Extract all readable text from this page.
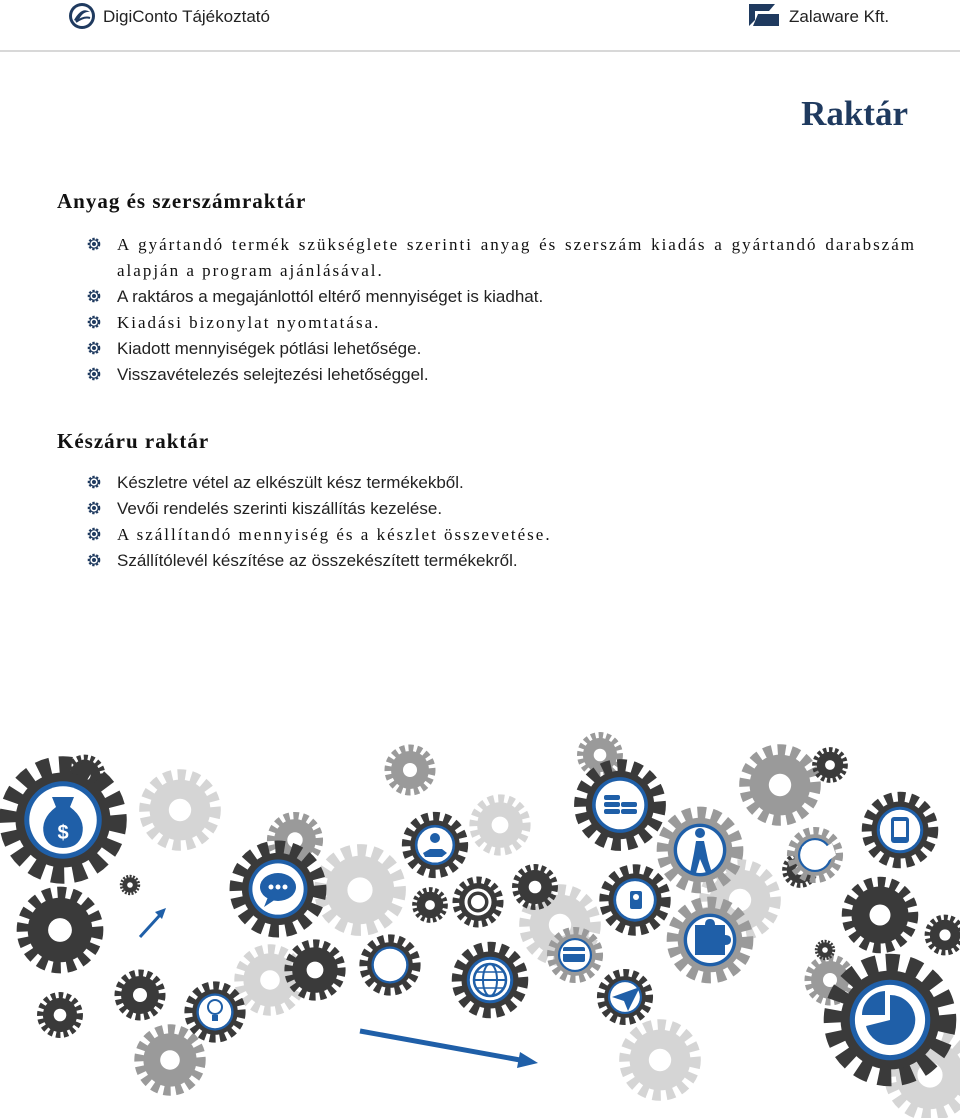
DigiConto Tájékoztató	Zalaware Kft.
Raktár
Anyag és szerszámraktár
A gyártandó termék szükséglete szerinti anyag és szerszám kiadás a gyártandó darabszám alapján a program ajánlásával.
A raktáros a megajánlottól eltérő mennyiséget is kiadhat.
Kiadási bizonylat nyomtatása.
Kiadott mennyiségek pótlási lehetősége.
Visszavételezés selejtezési lehetőséggel.
Készáru raktár
Készletre vétel az elkészült kész termékekből.
Vevői rendelés szerinti kiszállítás kezelése.
A szállítandó mennyiség és a készlet összevetése.
Szállítólevél készítése az összekészített termékekről.
$
